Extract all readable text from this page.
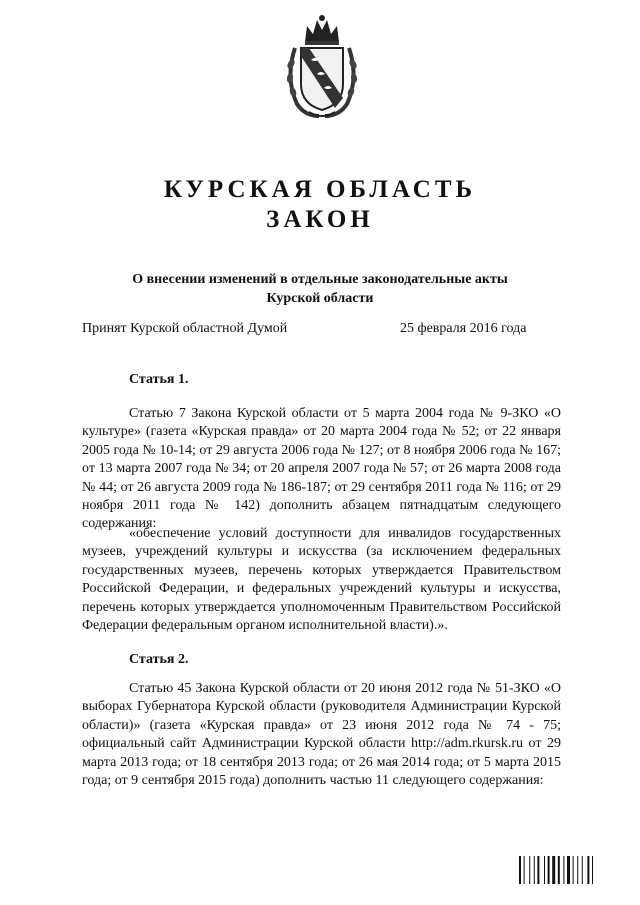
КУРСКАЯ ОБЛАСТЬ
ЗАКОН
О внесении изменений в отдельные законодательные акты
Курской области
Принят Курской областной Думой	25 февраля 2016 года
Статья 1.

Статью 7 Закона Курской области от 5 марта 2004 года № 9-ЗКО «О культуре» (газета «Курская правда» от 20 марта 2004 года № 52; от 22 января 2005 года № 10-14; от 29 августа 2006 года № 127; от 8 ноября 2006 года № 167; от 13 марта 2007 года № 34; от 20 апреля 2007 года № 57; от 26 марта 2008 года № 44; от 26 августа 2009 года № 186-187; от 29 сентября 2011 года № 116; от 29 ноября 2011 года № 142) дополнить абзацем пятнадцатым следующего содержания:

«обеспечение условий доступности для инвалидов государственных музеев, учреждений культуры и искусства (за исключением федеральных государственных музеев, перечень которых утверждается Правительством Российской Федерации, и федеральных учреждений культуры и искусства, перечень которых утверждается уполномоченным Правительством Российской Федерации федеральным органом исполнительной власти).».

Статья 2.

Статью 45 Закона Курской области от 20 июня 2012 года № 51-ЗКО «О выборах Губернатора Курской области (руководителя Администрации Курской области)» (газета «Курская правда» от 23 июня 2012 года № 74 - 75; официальный сайт Администрации Курской области http://adm.rkursk.ru от 29 марта 2013 года; от 18 сентября 2013 года; от 26 мая 2014 года; от 5 марта 2015 года; от 9 сентября 2015 года) дополнить частью 11 следующего содержания:
